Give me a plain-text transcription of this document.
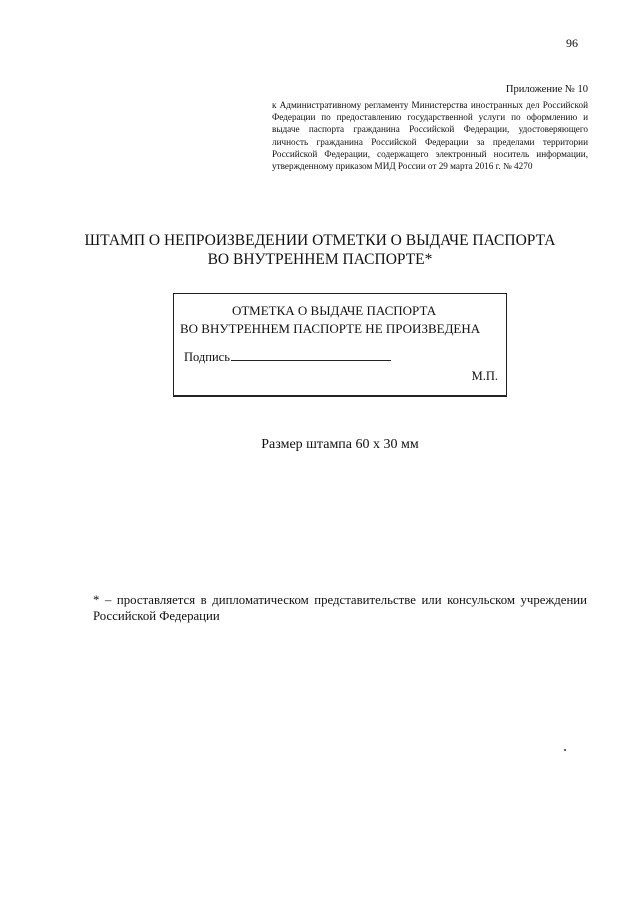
96
Приложение № 10
к Административному регламенту Министерства иностранных дел Российской Федерации по предоставлению государственной услуги по оформлению и выдаче паспорта гражданина Российской Федерации, удостоверяющего личность гражданина Российской Федерации за пределами территории Российской Федерации, содержащего электронный носитель информации, утвержденному приказом МИД России от 29 марта 2016 г. № 4270
ШТАМП О НЕПРОИЗВЕДЕНИИ ОТМЕТКИ О ВЫДАЧЕ ПАСПОРТА
ВО ВНУТРЕННЕМ ПАСПОРТЕ*
ОТМЕТКА О ВЫДАЧЕ ПАСПОРТА
ВО ВНУТРЕННЕМ ПАСПОРТЕ НЕ ПРОИЗВЕДЕНА
Подпись
М.П.
Размер штампа 60 х 30 мм
* – проставляется в дипломатическом представительстве или консульском учреждении Российской Федерации
